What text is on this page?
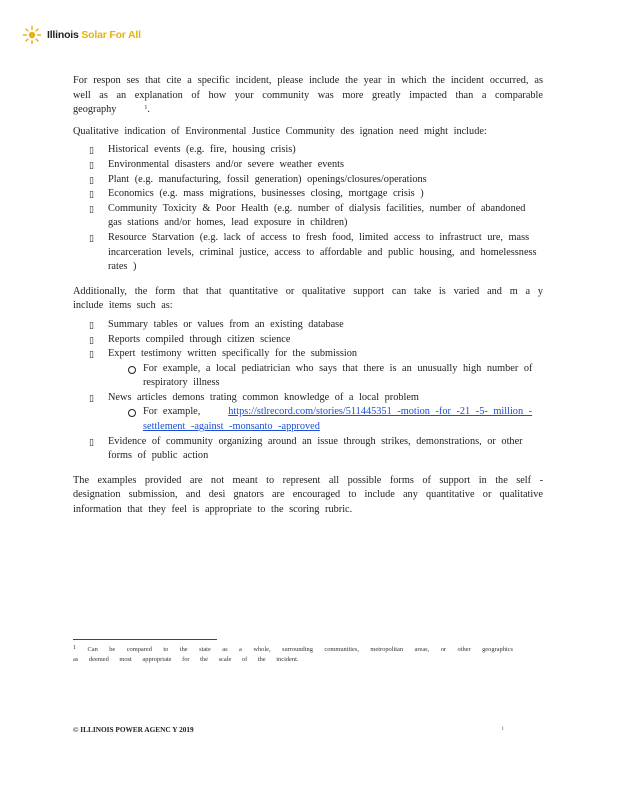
Illinois Solar For All

For respon ses that cite a specific incident, please include the year in which the incident occurred, as well as an explanation of how your community was more greatly impacted than a comparable geography	$^1$.

Qualitative indication of Environmental Justice Community des ignation need might include:

▯ Historical events (e.g. fire, housing crisis)
▯ Environmental disasters and/or severe weather events
▯ Plant (e.g. manufacturing, fossil generation) openings/closures/operations
▯ Economics (e.g. mass migrations, businesses closing, mortgage crisis )
▯ Community Toxicity & Poor Health (e.g. number of dialysis facilities, number of abandoned gas stations and/or homes, lead exposure in children)
▯ Resource Starvation (e.g. lack of access to fresh food, limited access to infrastruct ure, mass incarceration levels, criminal justice, access to affordable and public housing, and homelessness rates )

Additionally, the form that that quantitative or qualitative support can take is varied and m a y include items such as:

▯ Summary tables or values from an existing database
▯ Reports compiled through citizen science
▯ Expert testimony written specifically for the submission
For example, a local pediatrician who says that there is an unusually high number of respiratory illness
▯ News articles demons trating common knowledge of a local problem
For example,	https://stlrecord.com/stories/511445351 -motion -for -21 -5- million -settlement -against -monsanto -approved
▯ Evidence of community organizing around an issue through strikes, demonstrations, or other forms of public action

The examples provided are not meant to represent all possible forms of support in the self -designation submission, and desi gnators are encouraged to include any quantitative or qualitative information that they feel is appropriate to the scoring rubric.

$^1$ Can be compared to the state as a whole, surrounding communities, metropolitan areas, or other geographics as deemed most appropriate for the scale of the incident.
© ILLINOIS POWER AGENC Y 2019	i
